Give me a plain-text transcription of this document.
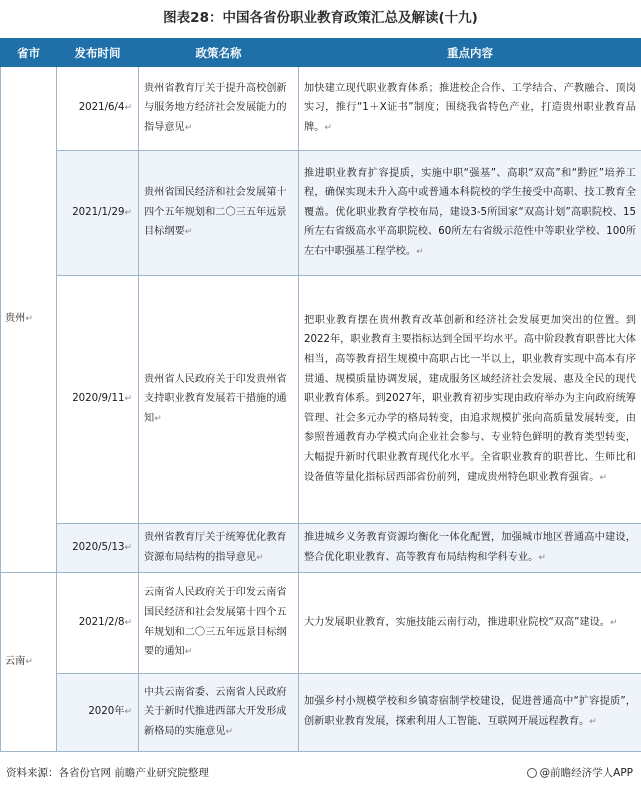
图表28：中国各省份职业教育政策汇总及解读(十九)
省市	发布时间	政策名称	重点内容
贵州↵	2021/6/4↵	贵州省教育厅关于提升高校创新与服务地方经济社会发展能力的指导意见↵	加快建立现代职业教育体系；推进校企合作、工学结合、产教融合、顶岗实习，推行“1＋X证书”制度；围绕我省特色产业，打造贵州职业教育品牌。↵
	2021/1/29↵	贵州省国民经济和社会发展第十四个五年规划和二〇三五年远景目标纲要↵	推进职业教育扩容提质，实施中职“强基”、高职“双高”和“黔匠”培养工程，确保实现未升入高中或普通本科院校的学生接受中高职、技工教育全覆盖。优化职业教育学校布局，建设3-5所国家“双高计划”高职院校、15所左右省级高水平高职院校、60所左右省级示范性中等职业学校、100所左右中职强基工程学校。↵
	2020/9/11↵	贵州省人民政府关于印发贵州省支持职业教育发展若干措施的通知↵	把职业教育摆在贵州教育改革创新和经济社会发展更加突出的位置。到2022年，职业教育主要指标达到全国平均水平。高中阶段教育职普比大体相当，高等教育招生规模中高职占比一半以上，职业教育实现中高本有序贯通、规模质量协调发展，建成服务区域经济社会发展、惠及全民的现代职业教育体系。到2027年，职业教育初步实现由政府举办为主向政府统筹管理、社会多元办学的格局转变，由追求规模扩张向高质量发展转变，由参照普通教育办学模式向企业社会参与、专业特色鲜明的教育类型转变，大幅提升新时代职业教育现代化水平。全省职业教育的职普比、生师比和设备值等量化指标居西部省份前列，建成贵州特色职业教育强省。↵
	2020/5/13↵	贵州省教育厅关于统筹优化教育资源布局结构的指导意见↵	推进城乡义务教育资源均衡化一体化配置，加强城市地区普通高中建设，整合优化职业教育、高等教育布局结构和学科专业。↵
云南↵	2021/2/8↵	云南省人民政府关于印发云南省国民经济和社会发展第十四个五年规划和二〇三五年远景目标纲要的通知↵	大力发展职业教育，实施技能云南行动，推进职业院校“双高”建设。↵
	2020年↵	中共云南省委、云南省人民政府关于新时代推进西部大开发形成新格局的实施意见↵	加强乡村小规模学校和乡镇寄宿制学校建设，促进普通高中“扩容提质”，创新职业教育发展，探索利用人工智能、互联网开展远程教育。↵
资料来源：各省份官网 前瞻产业研究院整理	@前瞻经济学人APP
